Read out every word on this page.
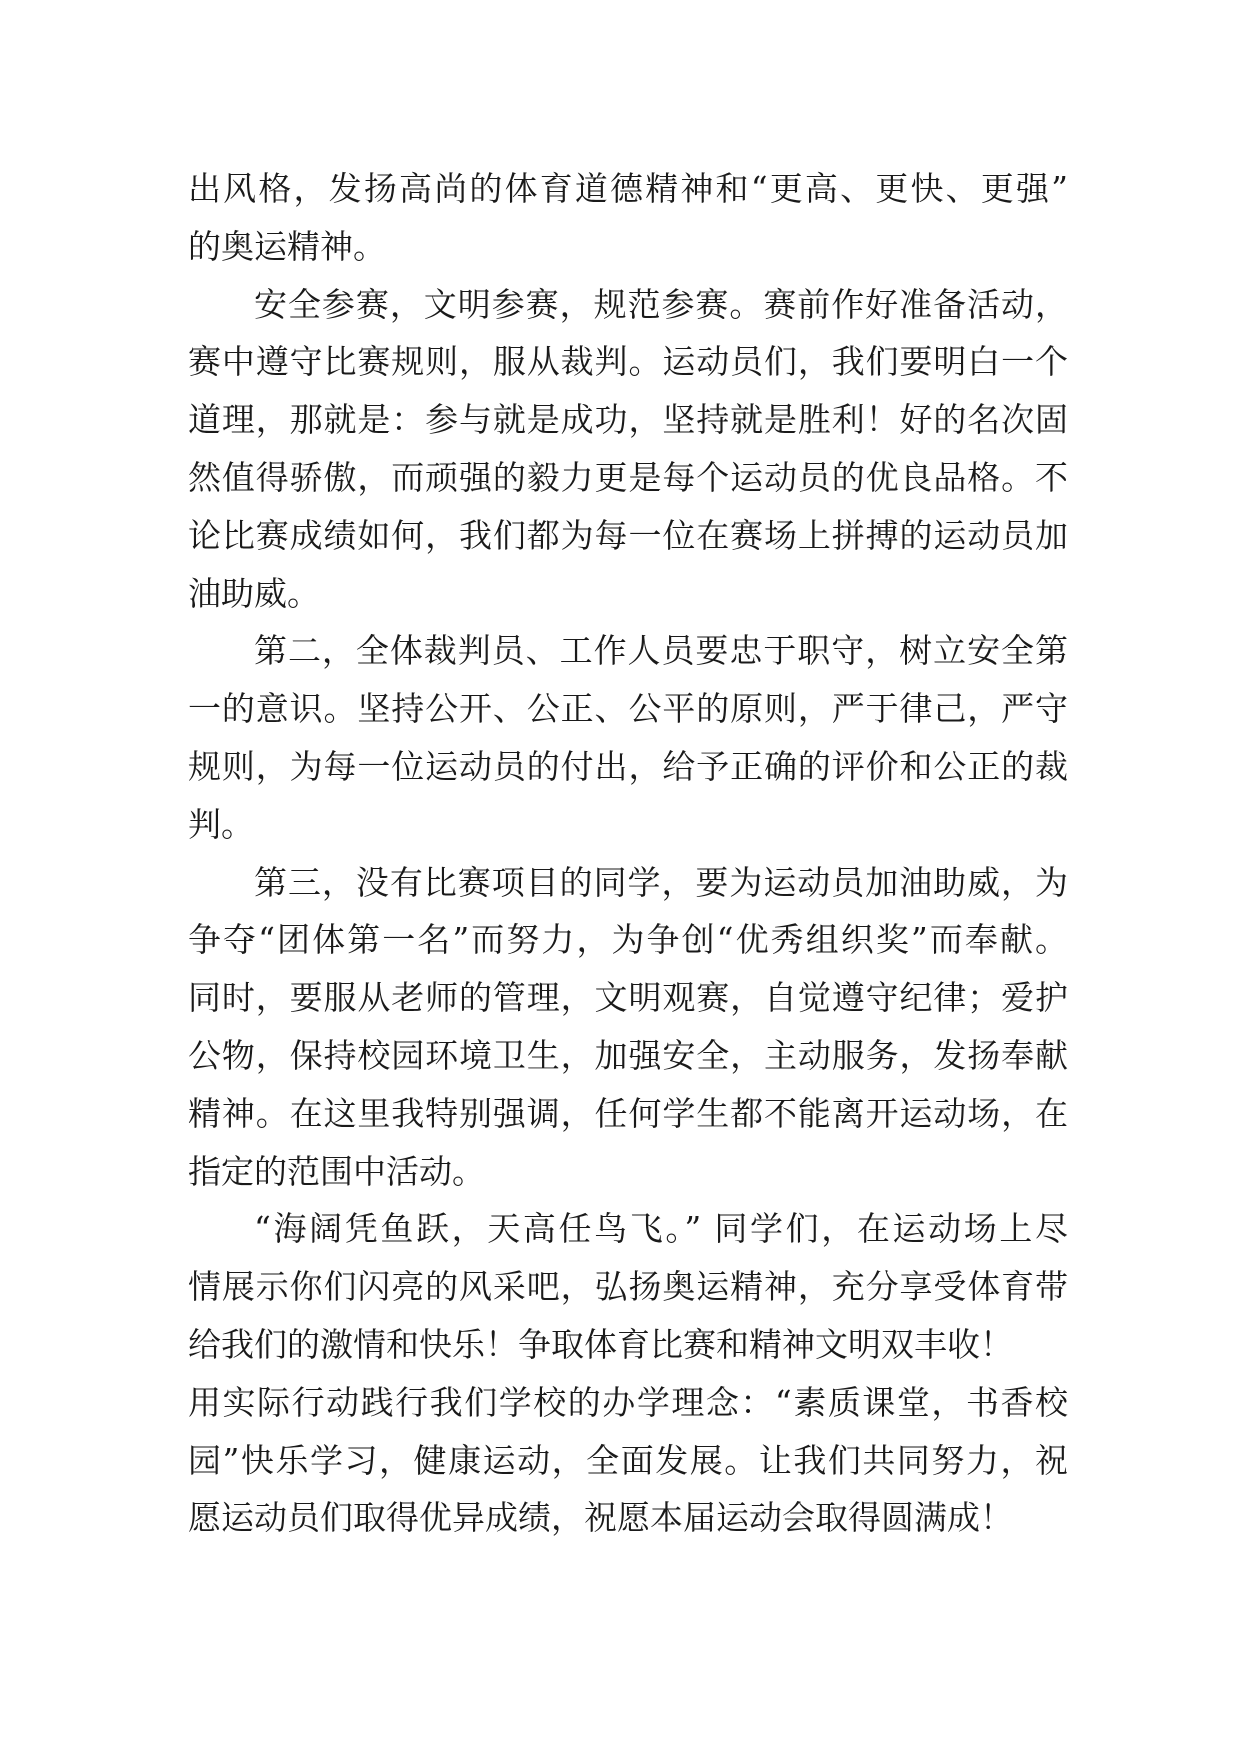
出风格，发扬高尚的体育道德精神和“更高、更快、更强”
的奥运精神。
安全参赛，文明参赛，规范参赛。赛前作好准备活动，
赛中遵守比赛规则，服从裁判。运动员们，我们要明白一个
道理，那就是：参与就是成功，坚持就是胜利！好的名次固
然值得骄傲，而顽强的毅力更是每个运动员的优良品格。不
论比赛成绩如何，我们都为每一位在赛场上拼搏的运动员加
油助威。
第二，全体裁判员、工作人员要忠于职守，树立安全第
一的意识。坚持公开、公正、公平的原则，严于律己，严守
规则，为每一位运动员的付出，给予正确的评价和公正的裁
判。
第三，没有比赛项目的同学，要为运动员加油助威，为
争夺“团体第一名”而努力，为争创“优秀组织奖”而奉献。
同时，要服从老师的管理，文明观赛，自觉遵守纪律；爱护
公物，保持校园环境卫生，加强安全，主动服务，发扬奉献
精神。在这里我特别强调，任何学生都不能离开运动场，在
指定的范围中活动。
“海阔凭鱼跃，天高任鸟飞。” 同学们，在运动场上尽
情展示你们闪亮的风采吧，弘扬奥运精神，充分享受体育带
给我们的激情和快乐！争取体育比赛和精神文明双丰收！
用实际行动践行我们学校的办学理念：“素质课堂，书香校
园”快乐学习，健康运动，全面发展。让我们共同努力，祝
愿运动员们取得优异成绩，祝愿本届运动会取得圆满成！
